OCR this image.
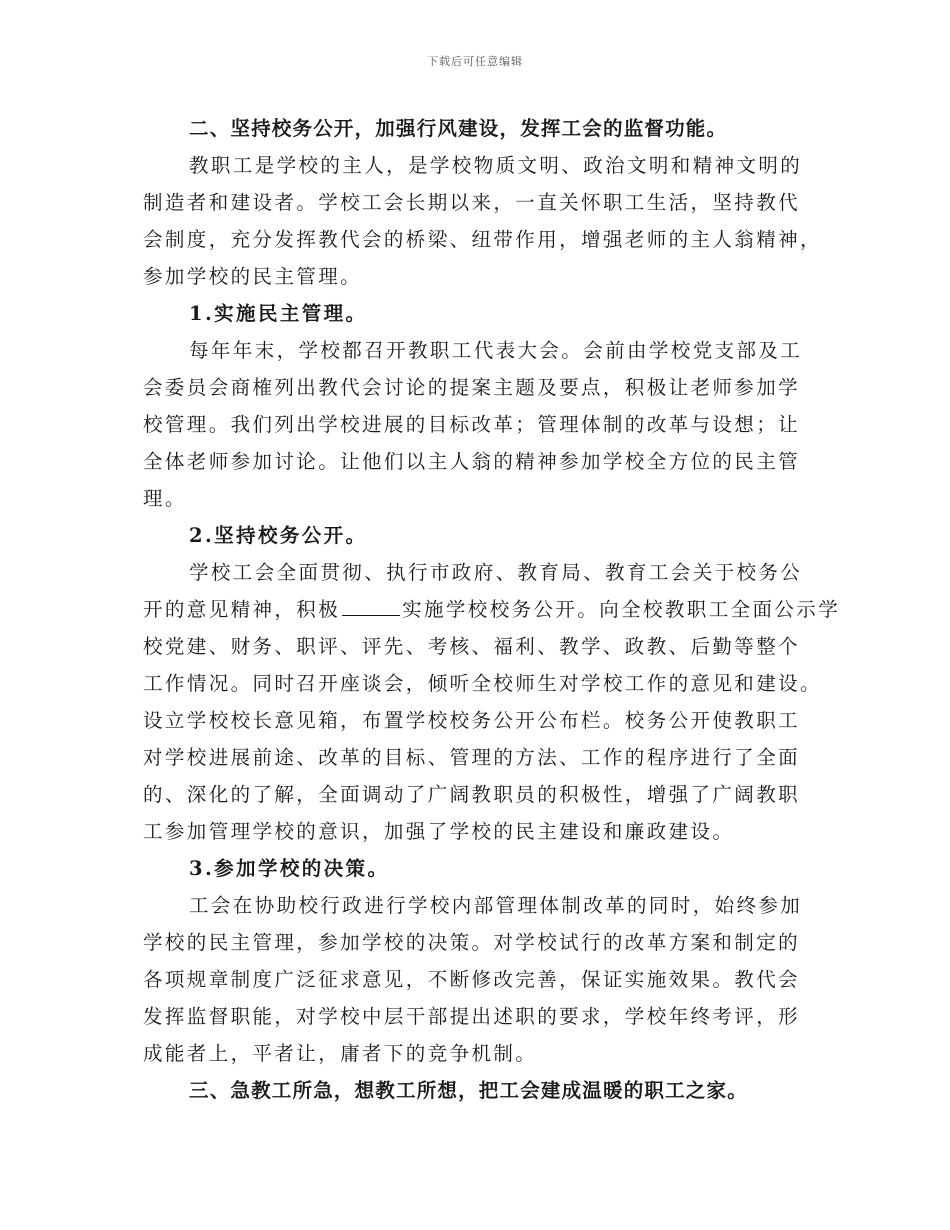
下载后可任意编辑
二、坚持校务公开，加强行风建设，发挥工会的监督功能。
教职工是学校的主人，是学校物质文明、政治文明和精神文明的
制造者和建设者。学校工会长期以来，一直关怀职工生活，坚持教代
会制度，充分发挥教代会的桥梁、纽带作用，增强老师的主人翁精神，
参加学校的民主管理。
1.实施民主管理。
每年年末，学校都召开教职工代表大会。会前由学校党支部及工
会委员会商榷列出教代会讨论的提案主题及要点，积极让老师参加学
校管理。我们列出学校进展的目标改革；管理体制的改革与设想；让
全体老师参加讨论。让他们以主人翁的精神参加学校全方位的民主管
理。
2.坚持校务公开。
学校工会全面贯彻、执行市政府、教育局、教育工会关于校务公
开的意见精神，积极	实施学校校务公开。向全校教职工全面公示学
校党建、财务、职评、评先、考核、福利、教学、政教、后勤等整个
工作情况。同时召开座谈会，倾听全校师生对学校工作的意见和建设。
设立学校校长意见箱，布置学校校务公开公布栏。校务公开使教职工
对学校进展前途、改革的目标、管理的方法、工作的程序进行了全面
的、深化的了解，全面调动了广阔教职员的积极性，增强了广阔教职
工参加管理学校的意识，加强了学校的民主建设和廉政建设。
3.参加学校的决策。
工会在协助校行政进行学校内部管理体制改革的同时，始终参加
学校的民主管理，参加学校的决策。对学校试行的改革方案和制定的
各项规章制度广泛征求意见，不断修改完善，保证实施效果。教代会
发挥监督职能，对学校中层干部提出述职的要求，学校年终考评，形
成能者上，平者让，庸者下的竞争机制。
三、急教工所急，想教工所想，把工会建成温暖的职工之家。
